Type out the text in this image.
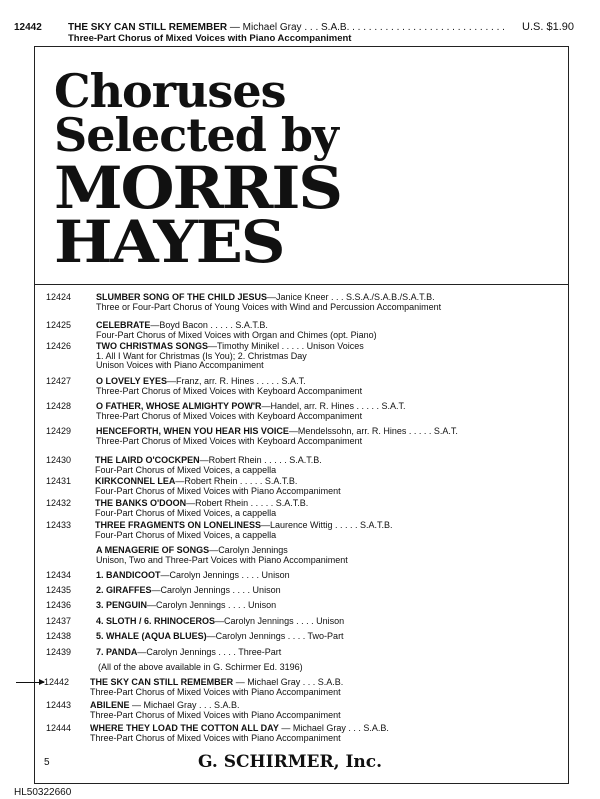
12442	THE SKY CAN STILL REMEMBER — Michael Gray . . . S.A.B. . . . . . . . . . . . . . . . . . . . . . . . . . . . . U.S. $1.90
Three-Part Chorus of Mixed Voices with Piano Accompaniment
Choruses
Selected by
MORRIS
HAYES
12424	SLUMBER SONG OF THE CHILD JESUS—Janice Kneer . . . S.S.A./S.A.B./S.A.T.B.
Three or Four-Part Chorus of Young Voices with Wind and Percussion Accompaniment
12425	CELEBRATE—Boyd Bacon . . . . . S.A.T.B.
Four-Part Chorus of Mixed Voices with Organ and Chimes (opt. Piano)
12426	TWO CHRISTMAS SONGS—Timothy Minikel . . . . . Unison Voices
1. All I Want for Christmas (Is You); 2. Christmas Day
Unison Voices with Piano Accompaniment
12427	O LOVELY EYES—Franz, arr. R. Hines . . . . . S.A.T.
Three-Part Chorus of Mixed Voices with Keyboard Accompaniment
12428	O FATHER, WHOSE ALMIGHTY POW'R—Handel, arr. R. Hines . . . . . S.A.T.
Three-Part Chorus of Mixed Voices with Keyboard Accompaniment
12429	HENCEFORTH, WHEN YOU HEAR HIS VOICE—Mendelssohn, arr. R. Hines . . . . . S.A.T.
Three-Part Chorus of Mixed Voices with Keyboard Accompaniment
12430	THE LAIRD O'COCKPEN—Robert Rhein . . . . . S.A.T.B.
Four-Part Chorus of Mixed Voices, a cappella
12431	KIRKCONNEL LEA—Robert Rhein . . . . . S.A.T.B.
Four-Part Chorus of Mixed Voices with Piano Accompaniment
12432	THE BANKS O'DOON—Robert Rhein . . . . . S.A.T.B.
Four-Part Chorus of Mixed Voices, a cappella
12433	THREE FRAGMENTS ON LONELINESS—Laurence Wittig . . . . . S.A.T.B.
Four-Part Chorus of Mixed Voices, a cappella
A MENAGERIE OF SONGS—Carolyn Jennings
Unison, Two and Three-Part Voices with Piano Accompaniment
12434	1. BANDICOOT—Carolyn Jennings . . . . Unison
12435	2. GIRAFFES—Carolyn Jennings . . . . Unison
12436	3. PENGUIN—Carolyn Jennings . . . . Unison
12437	4. SLOTH / 6. RHINOCEROS—Carolyn Jennings . . . . Unison
12438	5. WHALE (AQUA BLUES)—Carolyn Jennings . . . . Two-Part
12439	7. PANDA—Carolyn Jennings . . . . Three-Part
(All of the above available in G. Schirmer Ed. 3196)
12442 THE SKY CAN STILL REMEMBER — Michael Gray . . . S.A.B.
Three-Part Chorus of Mixed Voices with Piano Accompaniment
12443 ABILENE — Michael Gray . . . S.A.B.
Three-Part Chorus of Mixed Voices with Piano Accompaniment
12444 WHERE THEY LOAD THE COTTON ALL DAY — Michael Gray . . . S.A.B.
Three-Part Chorus of Mixed Voices with Piano Accompaniment
5	G. SCHIRMER, Inc.
HL50322660
